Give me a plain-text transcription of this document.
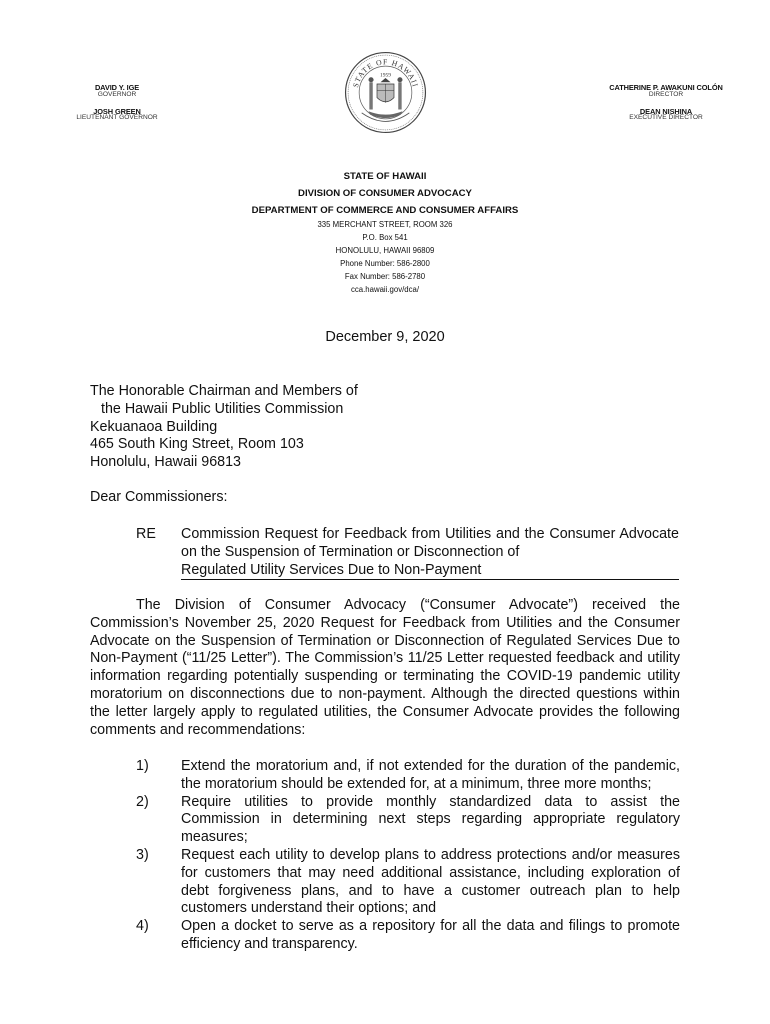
DAVID Y. IGE
GOVERNOR
JOSH GREEN
LIEUTENANT GOVERNOR
STATE OF HAWAII
1959
CATHERINE P. AWAKUNI COLÓN
DIRECTOR
DEAN NISHINA
EXECUTIVE DIRECTOR
STATE OF HAWAII
DIVISION OF CONSUMER ADVOCACY
DEPARTMENT OF COMMERCE AND CONSUMER AFFAIRS
335 MERCHANT STREET, ROOM 326
P.O. Box 541
HONOLULU, HAWAII 96809
Phone Number: 586-2800
Fax Number: 586-2780
cca.hawaii.gov/dca/
December 9, 2020
The Honorable Chairman and Members of
the Hawaii Public Utilities Commission
Kekuanaoa Building
465 South King Street, Room 103
Honolulu, Hawaii 96813
Dear Commissioners:
RE Commission Request for Feedback from Utilities and the Consumer Advocate on the Suspension of Termination or Disconnection of
Regulated Utility Services Due to Non-Payment

The Division of Consumer Advocacy (“Consumer Advocate”) received the Commission’s November 25, 2020 Request for Feedback from Utilities and the Consumer Advocate on the Suspension of Termination or Disconnection of Regulated Services Due to Non-Payment (“11/25 Letter”). The Commission’s 11/25 Letter requested feedback and utility information regarding potentially suspending or terminating the COVID-19 pandemic utility moratorium on disconnections due to non-payment. Although the directed questions within the letter largely apply to regulated utilities, the Consumer Advocate provides the following comments and recommendations:

1) Extend the moratorium and, if not extended for the duration of the pandemic, the moratorium should be extended for, at a minimum, three more months;
2) Require utilities to provide monthly standardized data to assist the Commission in determining next steps regarding appropriate regulatory measures;
3) Request each utility to develop plans to address protections and/or measures for customers that may need additional assistance, including exploration of debt forgiveness plans, and to have a customer outreach plan to help customers understand their options; and
4) Open a docket to serve as a repository for all the data and filings to promote efficiency and transparency.
